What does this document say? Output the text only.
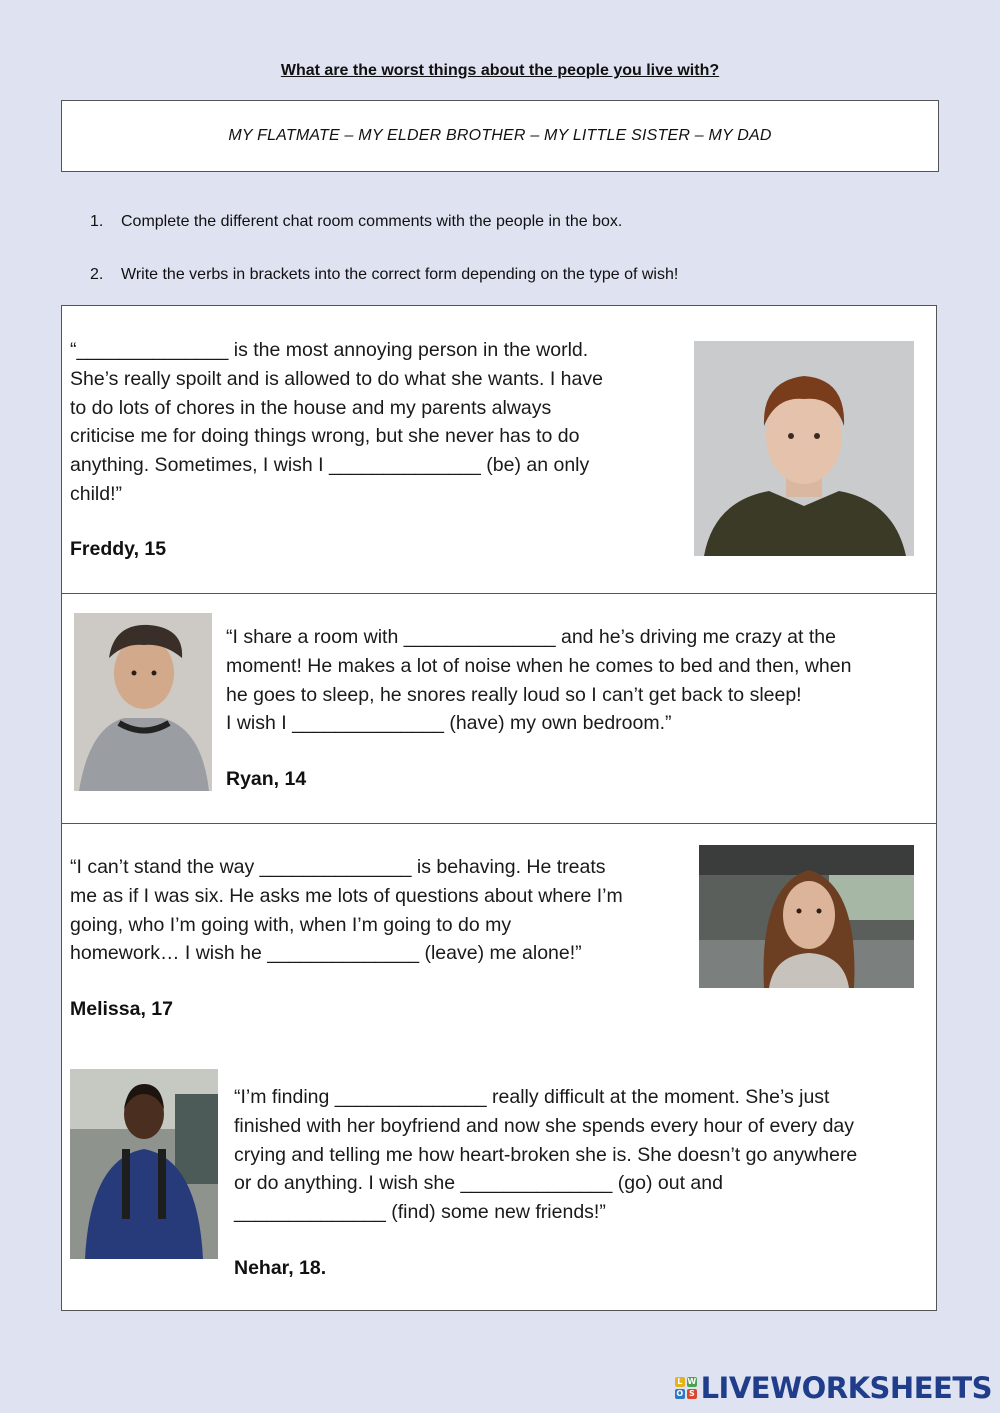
What are the worst things about the people you live with?
MY FLATMATE – MY ELDER BROTHER – MY LITTLE SISTER – MY DAD
1. Complete the different chat room comments with the people in the box.
2. Write the verbs in brackets into the correct form depending on the type of wish!
“______________ is the most annoying person in the world.
She’s really spoilt and is allowed to do what she wants. I have
to do lots of chores in the house and my parents always
criticise me for doing things wrong, but she never has to do
anything. Sometimes, I wish I ______________ (be) an only
child!”
Freddy, 15
“I share a room with ______________ and he’s driving me crazy at the
moment! He makes a lot of noise when he comes to bed and then, when
he goes to sleep, he snores really loud so I can’t get back to sleep!
I wish I ______________ (have) my own bedroom.”
Ryan, 14
“I can’t stand the way ______________ is behaving. He treats
me as if I was six. He asks me lots of questions about where I’m
going, who I’m going with, when I’m going to do my
homework… I wish he ______________ (leave) me alone!”
Melissa, 17
“I’m finding ______________ really difficult at the moment. She’s just
finished with her boyfriend and now she spends every hour of every day
crying and telling me how heart-broken she is. She doesn’t go anywhere
or do anything. I wish she ______________ (go) out and
______________ (find) some new friends!”
Nehar, 18.
L W
O S LIVEWORKSHEETS
